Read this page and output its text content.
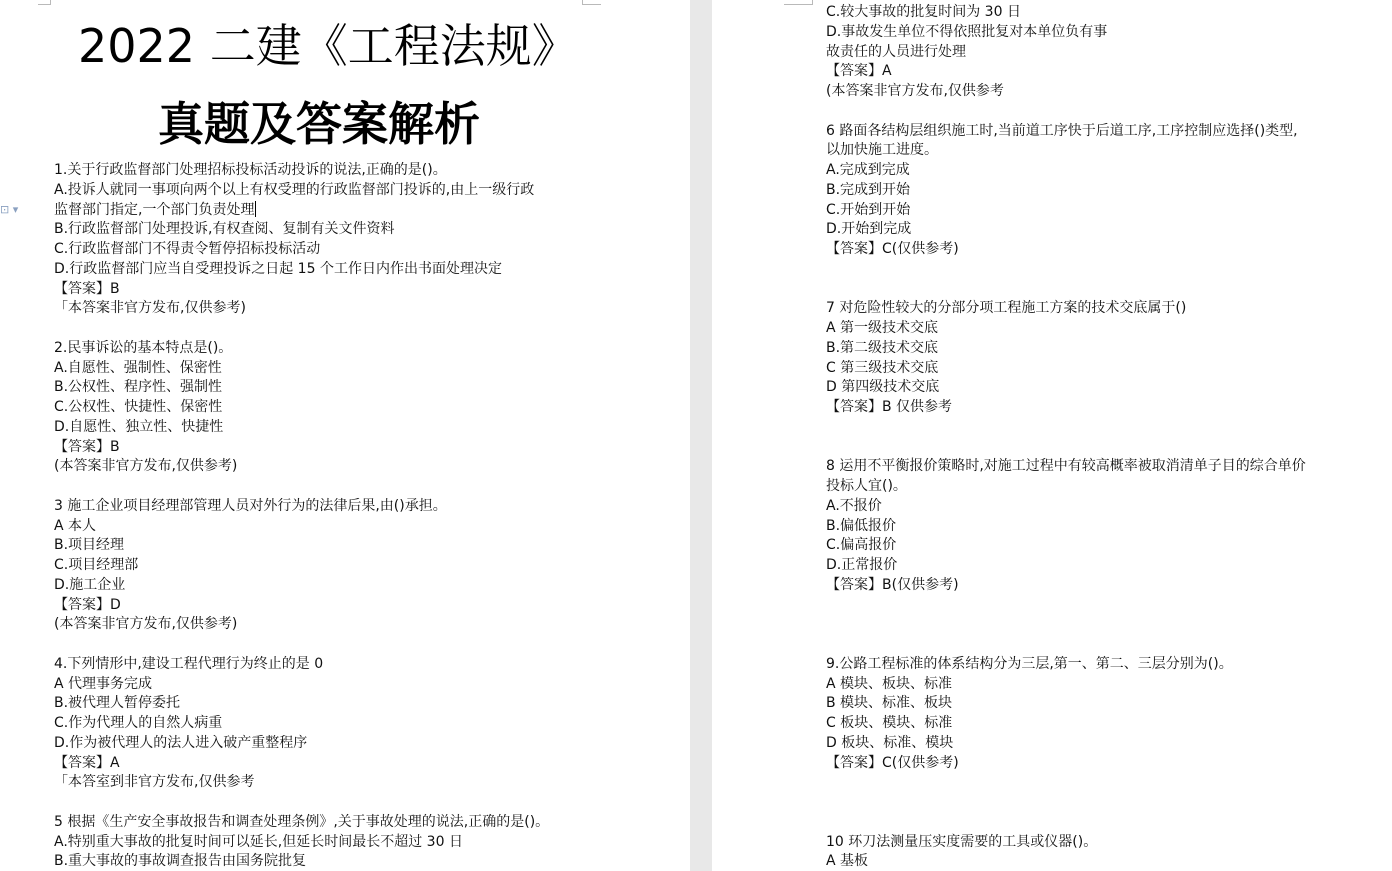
2022 二建《工程法规》
真题及答案解析
1.关于行政监督部门处理招标投标活动投诉的说法,正确的是()。
A.投诉人就同一事项向两个以上有权受理的行政监督部门投诉的,由上一级行政
监督部门指定,一个部门负责处理
B.行政监督部门处理投诉,有权查阅、复制有关文件资料
C.行政监督部门不得责令暂停招标投标活动
D.行政监督部门应当自受理投诉之日起 15 个工作日内作出书面处理决定
【答案】B
「本答案非官方发布,仅供参考)
2.民事诉讼的基本特点是()。
A.自愿性、强制性、保密性
B.公权性、程序性、强制性
C.公权性、快捷性、保密性
D.自愿性、独立性、快捷性
【答案】B
(本答案非官方发布,仅供参考)
3 施工企业项目经理部管理人员对外行为的法律后果,由()承担。
A 本人
B.项目经理
C.项目经理部
D.施工企业
【答案】D
(本答案非官方发布,仅供参考)
4.下列情形中,建设工程代理行为终止的是 0
A 代理事务完成
B.被代理人暂停委托
C.作为代理人的自然人病重
D.作为被代理人的法人进入破产重整程序
【答案】A
「本答室到非官方发布,仅供参考
5 根据《生产安全事故报告和调查处理条例》,关于事故处理的说法,正确的是()。
A.特别重大事故的批复时间可以延长,但延长时间最长不超过 30 日
B.重大事故的事故调查报告由国务院批复
⊡ ▾
C.较大事故的批复时间为 30 日
D.事故发生单位不得依照批复对本单位负有事
故责任的人员进行处理
【答案】A
(本答案非官方发布,仅供参考
6 路面各结构层组织施工时,当前道工序快于后道工序,工序控制应选择()类型,
以加快施工进度。
A.完成到完成
B.完成到开始
C.开始到开始
D.开始到完成
【答案】C(仅供参考)
7 对危险性较大的分部分项工程施工方案的技术交底属于()
A 第一级技术交底
B.第二级技术交底
C 第三级技术交底
D 第四级技术交底
【答案】B 仅供参考
8 运用不平衡报价策略时,对施工过程中有较高概率被取消清单子目的综合单价
投标人宜()。
A.不报价
B.偏低报价
C.偏高报价
D.正常报价
【答案】B(仅供参考)
9.公路工程标准的体系结构分为三层,第一、第二、三层分别为()。
A 模块、板块、标准
B 模块、标准、板块
C 板块、模块、标准
D 板块、标准、模块
【答案】C(仅供参考)
10 环刀法测量压实度需要的工具或仪器()。
A 基板
